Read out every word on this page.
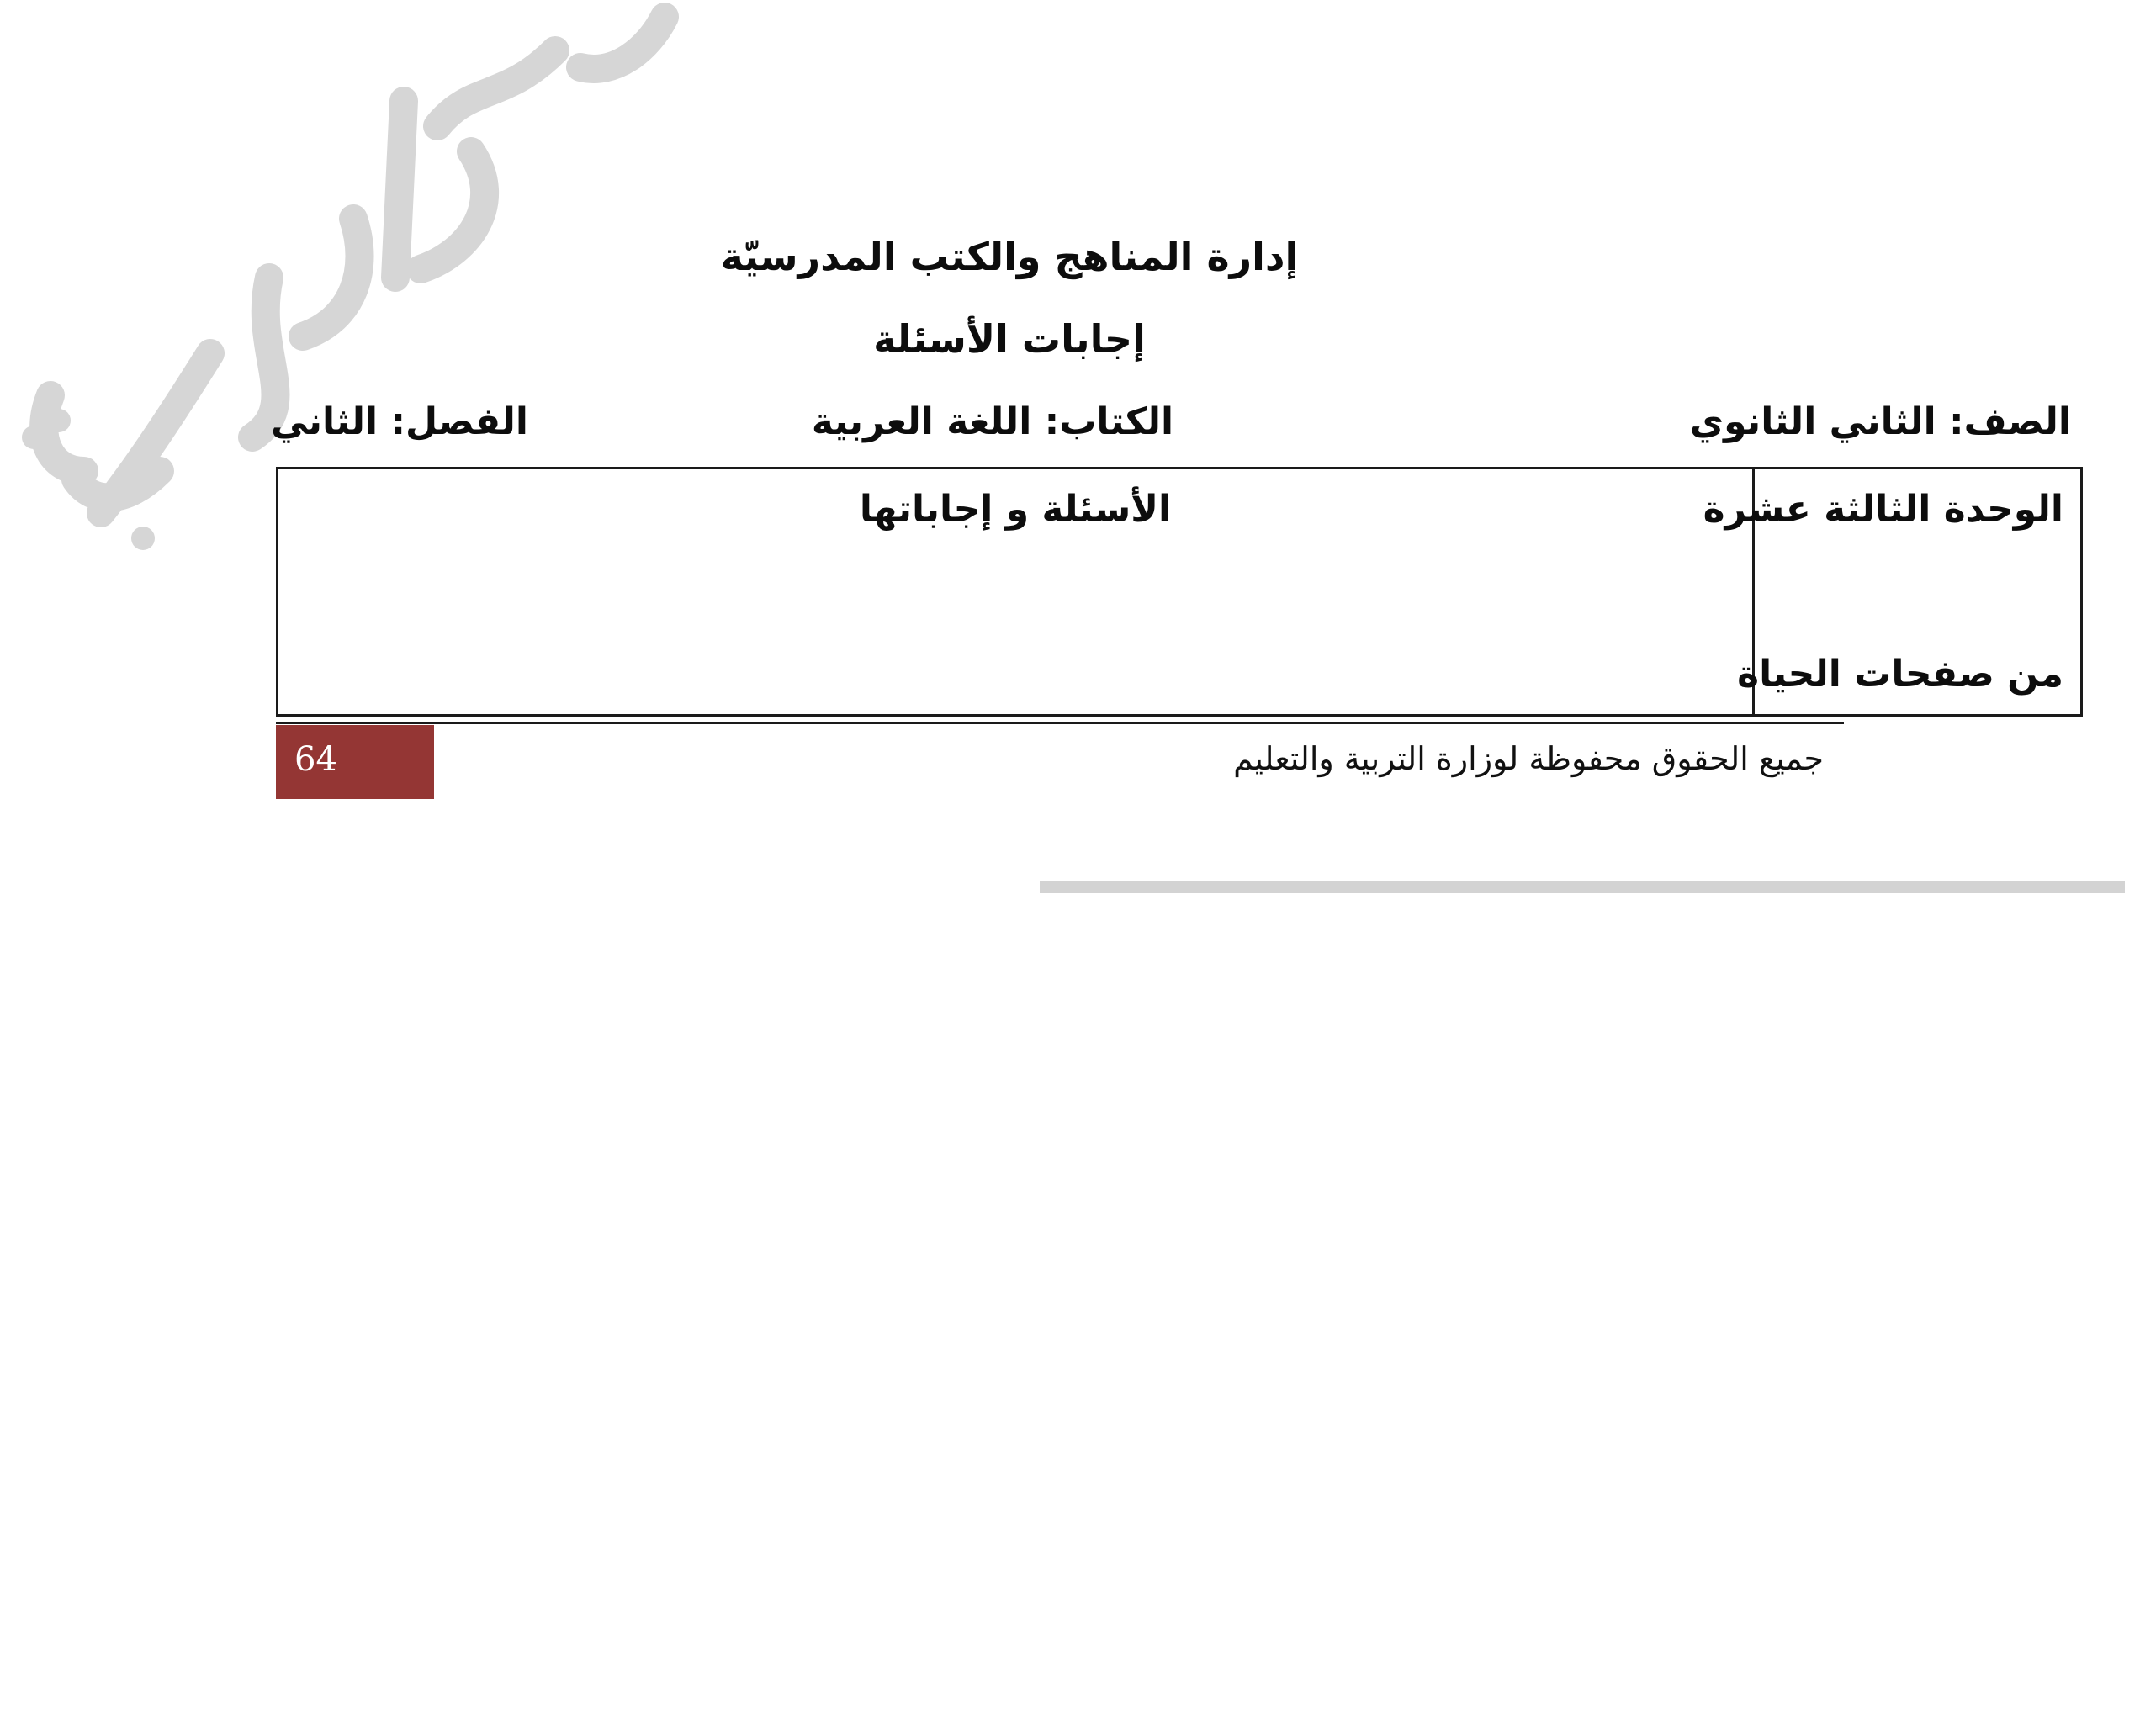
إدارة المناهج والكتب المدرسيّة
إجابات الأسئلة
الصف: الثاني الثانوي
الكتاب: اللغة العربية
الفصل: الثاني
الوحدة الثالثة عشرة
من صفحات الحياة
الأسئلة و إجاباتها
جميع الحقوق محفوظة لوزارة التربية والتعليم
64
